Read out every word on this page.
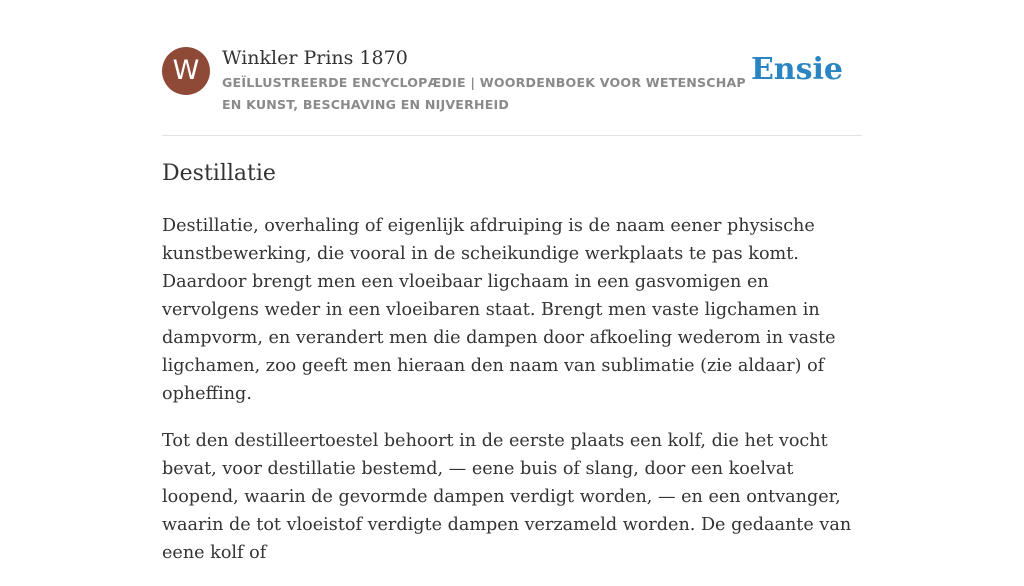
W	Winkler Prins 1870
GEÏLLUSTREERDE ENCYCLOPÆDIE | WOORDENBOEK VOOR WETENSCHAP EN KUNST, BESCHAVING EN NIJVERHEID
Ensie
Destillatie

Destillatie, overhaling of eigenlijk afdruiping is de naam eener physische kunstbewerking, die vooral in de scheikundige werkplaats te pas komt. Daardoor brengt men een vloeibaar ligchaam in een gasvomigen en vervolgens weder in een vloeibaren staat. Brengt men vaste ligchamen in dampvorm, en verandert men die dampen door afkoeling wederom in vaste ligchamen, zoo geeft men hieraan den naam van sublimatie (zie aldaar) of opheffing.

Tot den destilleertoestel behoort in de eerste plaats een kolf, die het vocht bevat, voor destillatie bestemd, — eene buis of slang, door een koelvat loopend, waarin de gevormde dampen verdigt worden, — en een ontvanger, waarin de tot vloeistof verdigte dampen verzameld worden. De gedaante van eene kolf of
